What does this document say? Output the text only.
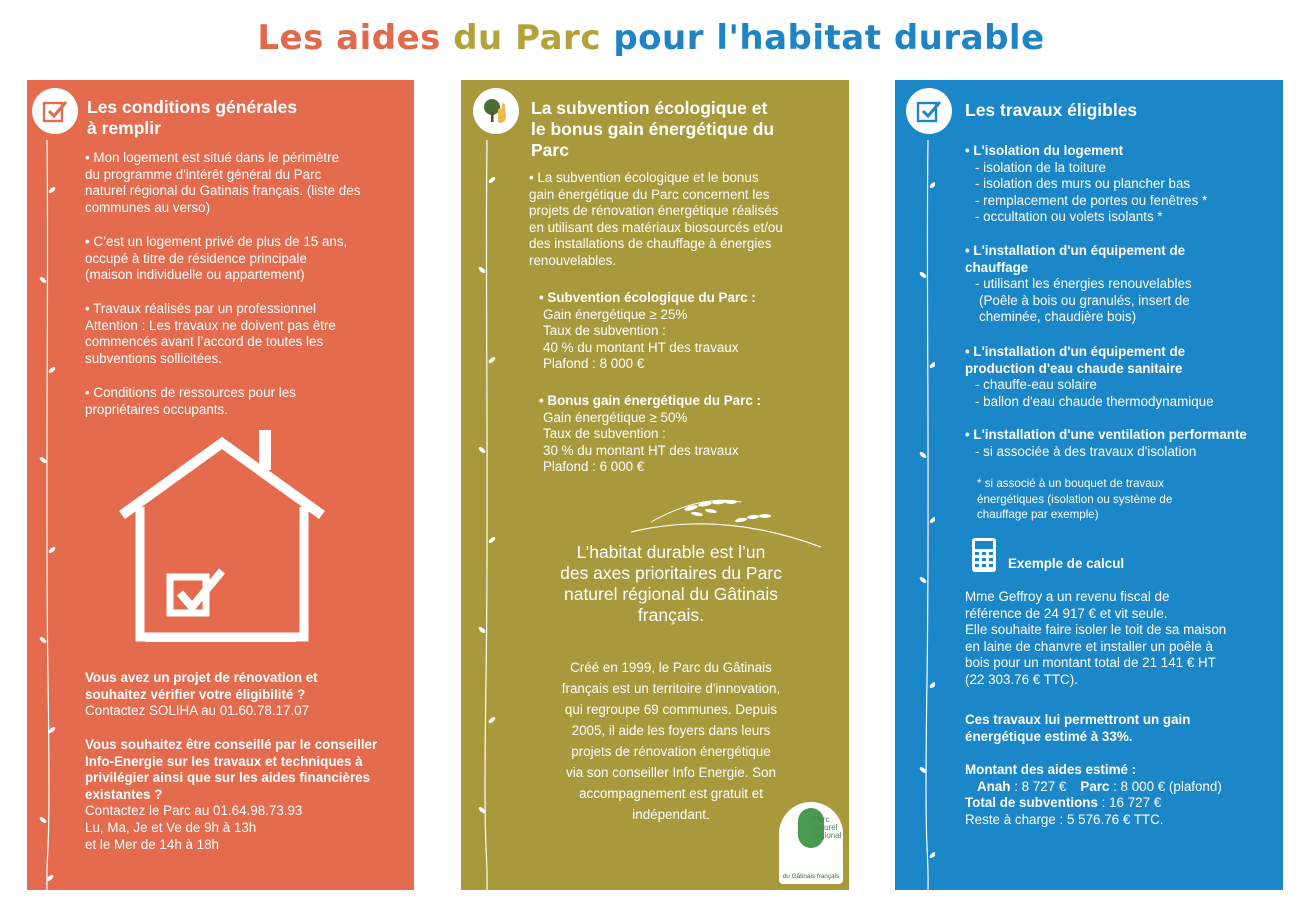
Les aides du Parc pour l'habitat durable
Les conditions générales
à remplir
• Mon logement est situé dans le périmètre
du programme d'intérêt général du Parc
naturel régional du Gatinais français. (liste des
communes au verso)
• C’est un logement privé de plus de 15 ans,
occupé à titre de résidence principale
(maison individuelle ou appartement)
• Travaux réalisés par un professionnel
Attention : Les travaux ne doivent pas être
commencés avant l’accord de toutes les
subventions sollicitées.
• Conditions de ressources pour les
propriétaires occupants.
Vous avez un projet de rénovation et
souhaitez vérifier votre éligibilité ?
Contactez SOLIHA au 01.60.78.17.07
Vous souhaitez être conseillé par le conseiller
Info-Energie sur les travaux et techniques à
privilégier ainsi que sur les aides financières
existantes ?
Contactez le Parc au 01.64.98.73.93
Lu, Ma, Je et Ve de 9h à 13h
et le Mer de 14h à 18h
La subvention écologique et
le bonus gain énergétique du
Parc
• La subvention écologique et le bonus
gain énergétique du Parc concernent les
projets de rénovation énergétique réalisés
en utilisant des matériaux biosourcés et/ou
des installations de chauffage à énergies
renouvelables.
• Subvention écologique du Parc :
Gain énergétique ≥ 25%
Taux de subvention :
40 % du montant HT des travaux
Plafond : 8 000 €
• Bonus gain énergétique du Parc :
Gain énergétique ≥ 50%
Taux de subvention :
30 % du montant HT des travaux
Plafond : 6 000 €
L’habitat durable est l’un
des axes prioritaires du Parc
naturel régional du Gâtinais
français.
Créé en 1999, le Parc du Gâtinais
français est un territoire d'innovation,
qui regroupe 69 communes. Depuis
2005, il aide les foyers dans leurs
projets de rénovation énergétique
via son conseiller Info Energie. Son
accompagnement est gratuit et
indépendant.	Parc
naturel
régional
du Gâtinais français
Les travaux éligibles
• L'isolation du logement
- isolation de la toiture
- isolation des murs ou plancher bas
- remplacement de portes ou fenêtres *
- occultation ou volets isolants *
• L'installation d'un équipement de
chauffage
- utilisant les énergies renouvelables
(Poêle à bois ou granulés, insert de
cheminée, chaudière bois)
• L'installation d'un équipement de
production d'eau chaude sanitaire
- chauffe-eau solaire
- ballon d'eau chaude thermodynamique
• L'installation d'une ventilation performante
- si associée à des travaux d'isolation
* si associé à un bouquet de travaux
énergétiques (isolation ou système de
chauffage par exemple)
Exemple de calcul
Mme Geffroy a un revenu fiscal de
référence de 24 917 € et vit seule.
Elle souhaite faire isoler le toit de sa maison
en laine de chanvre et installer un poêle à
bois pour un montant total de 21 141 € HT
(22 303.76 € TTC).
Ces travaux lui permettront un gain
énergétique estimé à 33%.
Montant des aides estimé :
Anah : 8 727 € Parc : 8 000 € (plafond)
Total de subventions : 16 727 €
Reste à charge : 5 576.76 € TTC.
